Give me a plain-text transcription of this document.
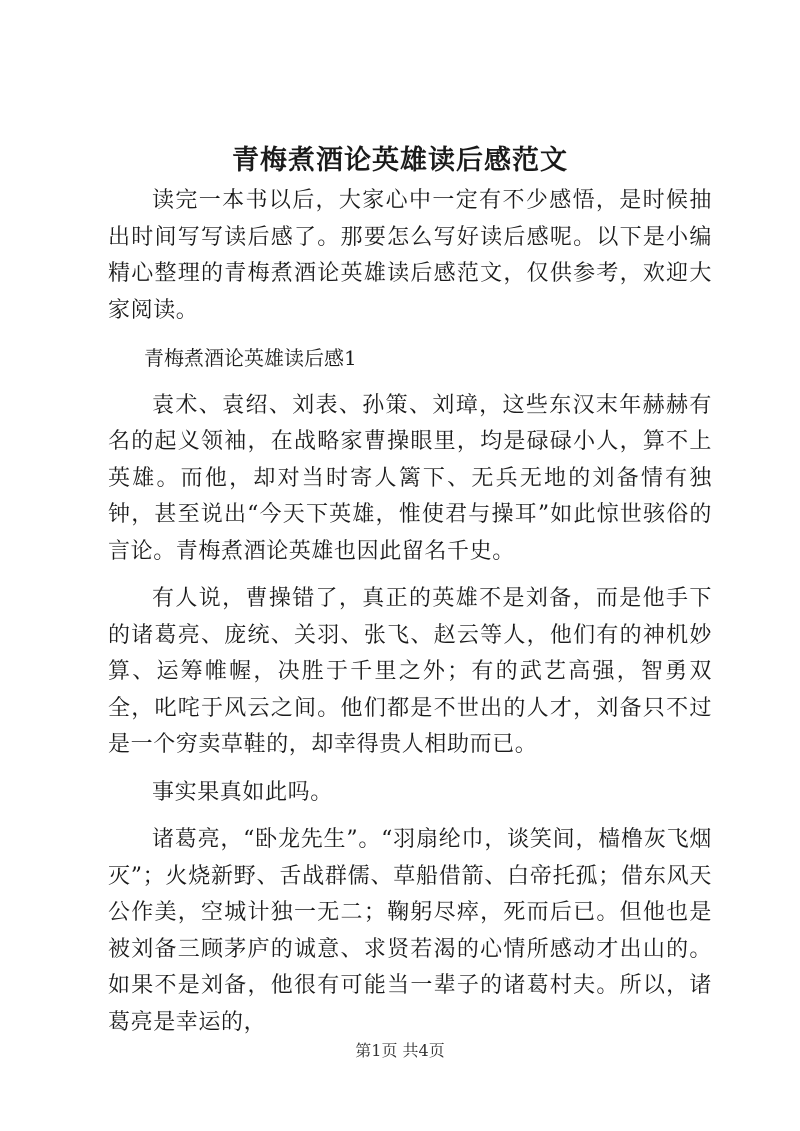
青梅煮酒论英雄读后感范文

读完一本书以后，大家心中一定有不少感悟，是时候抽出时间写写读后感了。那要怎么写好读后感呢。以下是小编精心整理的青梅煮酒论英雄读后感范文，仅供参考，欢迎大家阅读。

青梅煮酒论英雄读后感1

袁术、袁绍、刘表、孙策、刘璋，这些东汉末年赫赫有名的起义领袖，在战略家曹操眼里，均是碌碌小人，算不上英雄。而他，却对当时寄人篱下、无兵无地的刘备情有独钟，甚至说出“今天下英雄，惟使君与操耳”如此惊世骇俗的言论。青梅煮酒论英雄也因此留名千史。

有人说，曹操错了，真正的英雄不是刘备，而是他手下的诸葛亮、庞统、关羽、张飞、赵云等人，他们有的神机妙算、运筹帷幄，决胜于千里之外；有的武艺高强，智勇双全，叱咤于风云之间。他们都是不世出的人才，刘备只不过是一个穷卖草鞋的，却幸得贵人相助而已。

事实果真如此吗。

诸葛亮，“卧龙先生”。“羽扇纶巾，谈笑间，樯橹灰飞烟灭”；火烧新野、舌战群儒、草船借箭、白帝托孤；借东风天公作美，空城计独一无二；鞠躬尽瘁，死而后已。但他也是被刘备三顾茅庐的诚意、求贤若渴的心情所感动才出山的。如果不是刘备，他很有可能当一辈子的诸葛村夫。所以，诸葛亮是幸运的，

第1页 共4页
